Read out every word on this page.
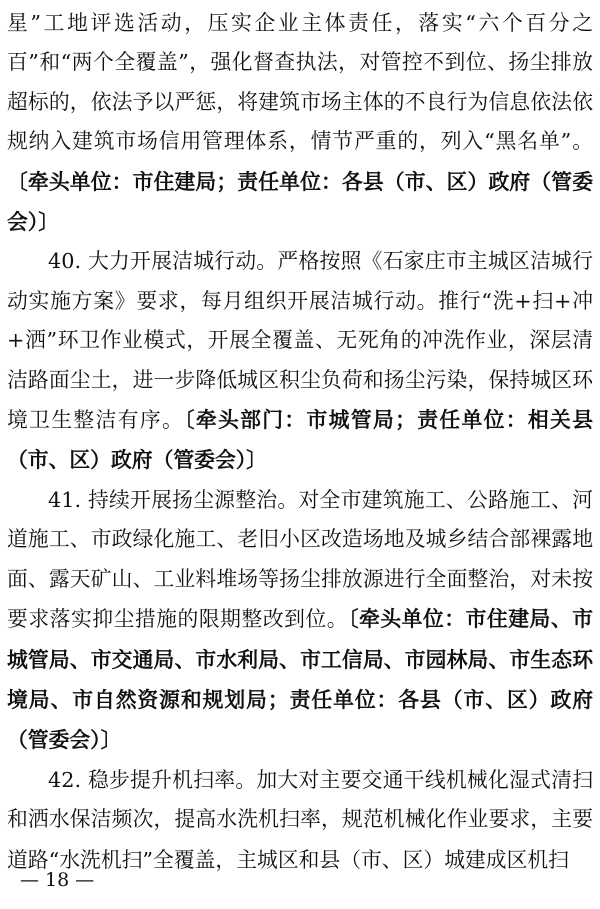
星”工地评选活动，压实企业主体责任，落实“六个百分之百”和“两个全覆盖”，强化督查执法，对管控不到位、扬尘排放超标的，依法予以严惩，将建筑市场主体的不良行为信息依法依规纳入建筑市场信用管理体系，情节严重的，列入“黑名单”。〔牵头单位：市住建局；责任单位：各县（市、区）政府（管委会）〕

40. 大力开展洁城行动。严格按照《石家庄市主城区洁城行动实施方案》要求，每月组织开展洁城行动。推行“洗+扫+冲+洒”环卫作业模式，开展全覆盖、无死角的冲洗作业，深层清洁路面尘土，进一步降低城区积尘负荷和扬尘污染，保持城区环境卫生整洁有序。〔牵头部门：市城管局；责任单位：相关县（市、区）政府（管委会）〕

41. 持续开展扬尘源整治。对全市建筑施工、公路施工、河道施工、市政绿化施工、老旧小区改造场地及城乡结合部裸露地面、露天矿山、工业料堆场等扬尘排放源进行全面整治，对未按要求落实抑尘措施的限期整改到位。〔牵头单位：市住建局、市城管局、市交通局、市水利局、市工信局、市园林局、市生态环境局、市自然资源和规划局；责任单位：各县（市、区）政府（管委会）〕

42. 稳步提升机扫率。加大对主要交通干线机械化湿式清扫和洒水保洁频次，提高水洗机扫率，规范机械化作业要求，主要道路“水洗机扫”全覆盖，主城区和县（市、区）城建成区机扫

— 18 —
